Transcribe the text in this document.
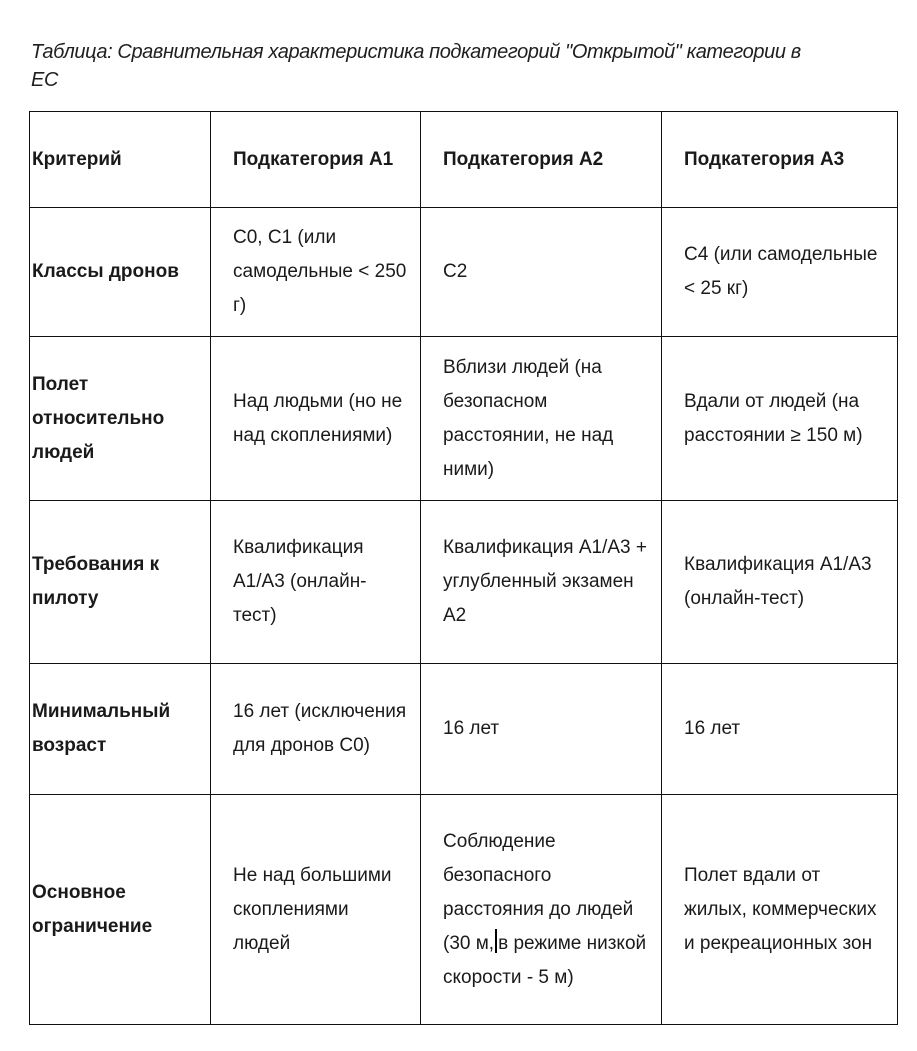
Таблица: Сравнительная характеристика подкатегорий "Открытой" категории в ЕС
Критерий	Подкатегория А1	Подкатегория А2	Подкатегория А3
Классы дронов	C0, C1 (или самодельные < 250 г)	C2	C4 (или самодельные < 25 кг)
Полет относительно людей	Над людьми (но не над скоплениями)	Вблизи людей (на безопасном расстоянии, не над ними)	Вдали от людей (на расстоянии ≥ 150 м)
Требования к пилоту	Квалификация A1/A3 (онлайн-тест)	Квалификация A1/A3 + углубленный экзамен A2	Квалификация A1/A3 (онлайн-тест)
Минимальный возраст	16 лет (исключения для дронов C0)	16 лет	16 лет
Основное ограничение	Не над большими скоплениями людей	Соблюдение безопасного расстояния до людей (30 м, в режиме низкой скорости - 5 м)	Полет вдали от жилых, коммерческих и рекреационных зон
